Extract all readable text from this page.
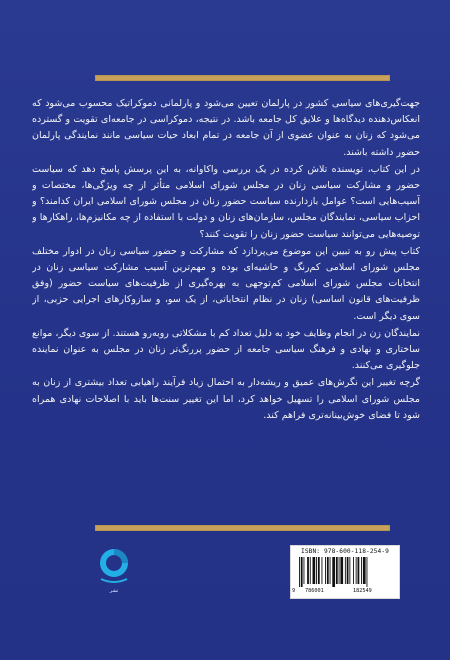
جهت‌گیری‌های سیاسی کشور در پارلمان تعیین می‌شود و پارلمانی دموکراتیک محسوب می‌شود که انعکاس‌دهنده دیدگاه‌ها و علایق کل جامعه باشد. در نتیجه، دموکراسی در جامعه‌ای تقویت و گسترده می‌شود که زنان به عنوان عضوی از آن جامعه در تمام ابعاد حیات سیاسی مانند نمایندگی پارلمان حضور داشته باشند.

در این کتاب، نویسنده تلاش کرده در یک بررسی واکاوانه، به این پرسش پاسخ دهد که سیاست حضور و مشارکت سیاسی زنان در مجلس شورای اسلامی متأثر از چه ویژگی‌ها، مختصات و آسیب‌هایی است؟ عوامل بازدارنده سیاست حضور زنان در مجلس شورای اسلامی ایران کدامند؟ و احزاب سیاسی، نمایندگان مجلس، سازمان‌های زنان و دولت با استفاده از چه مکانیزم‌ها، راهکارها و توصیه‌هایی می‌توانند سیاست حضور زنان را تقویت کنند؟

کتاب پیش رو به تبیین این موضوع می‌پردازد که مشارکت و حضور سیاسی زنان در ادوار مختلف مجلس شورای اسلامی کم‌رنگ و حاشیه‌ای بوده و مهم‌ترین آسیب مشارکت سیاسی زنان در انتخابات مجلس شورای اسلامی کم‌توجهی به بهره‌گیری از ظرفیت‌های سیاست حضور (وفق ظرفیت‌های قانون اساسی) زنان در نظام انتخاباتی، از یک سو، و سازوکارهای اجرایی حزبی، از سوی دیگر است.

نمایندگان زن در انجام وظایف خود به دلیل تعداد کم با مشکلاتی روبه‌رو هستند. از سوی دیگر، موانع ساختاری و نهادی و فرهنگ سیاسی جامعه از حضور پررنگ‌تر زنان در مجلس به عنوان نماینده جلوگیری می‌کنند.

گرچه تغییر این نگرش‌های عمیق و ریشه‌دار به احتمال زیاد فرآیند راهیابی تعداد بیشتری از زنان به مجلس شورای اسلامی را تسهیل خواهد کرد، اما این تغییر سنت‌ها باید با اصلاحات نهادی همراه شود تا فضای خوش‌بینانه‌تری فراهم کند.

نشر
ISBN: 978-600-118-254-9
9 786001	182549
